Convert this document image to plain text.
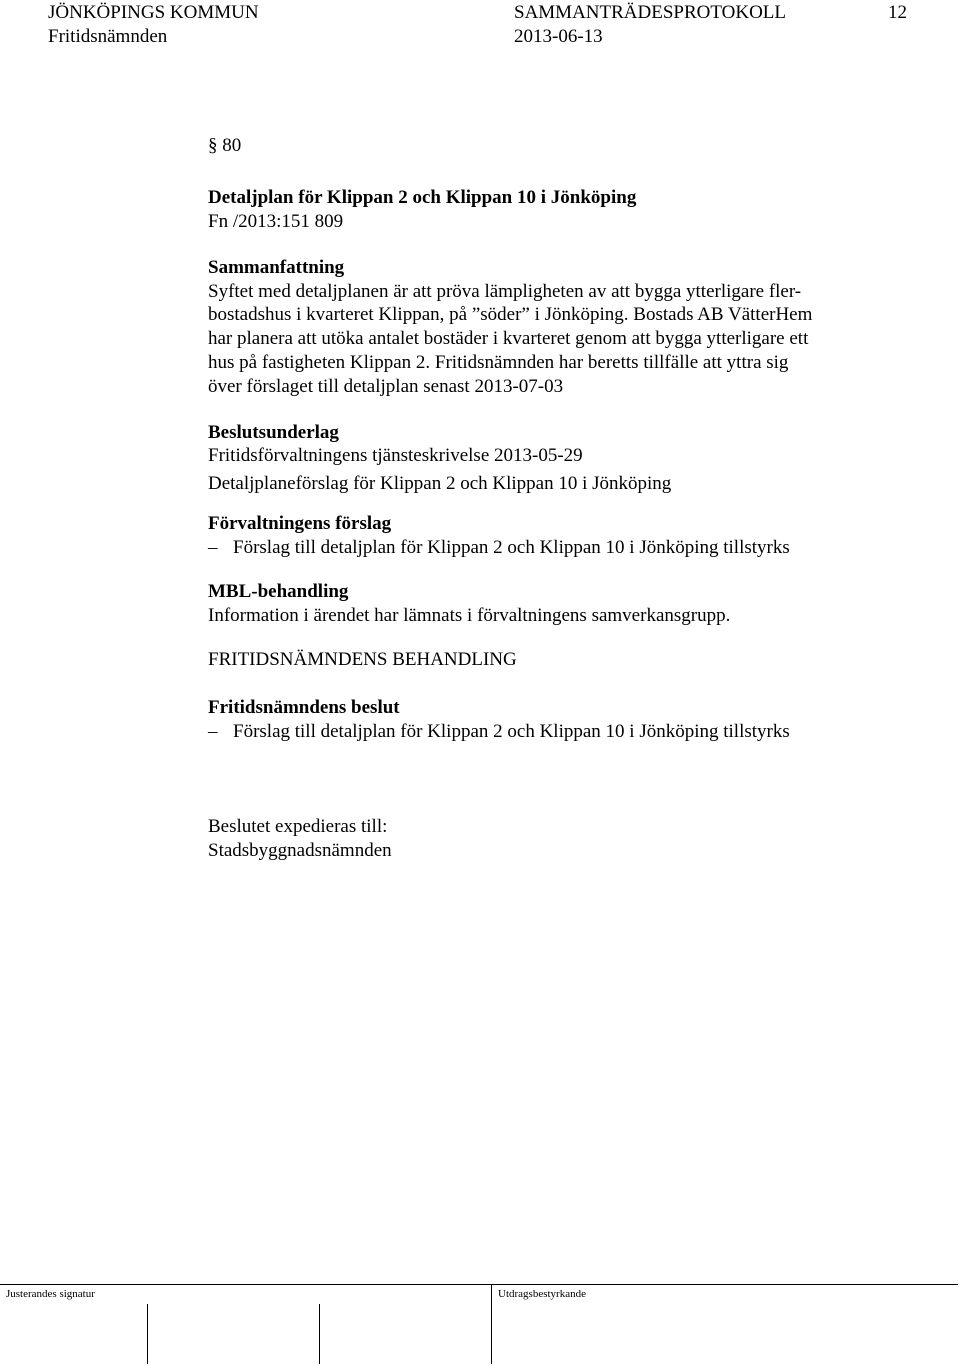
JÖNKÖPINGS KOMMUN
Fritidsnämnden
SAMMANTRÄDESPROTOKOLL
2013-06-13
12
§ 80
Detaljplan för Klippan 2 och Klippan 10 i Jönköping
Fn /2013:151 809
Sammanfattning
Syftet med detaljplanen är att pröva lämpligheten av att bygga ytterligare fler-
bostadshus i kvarteret Klippan, på ”söder” i Jönköping. Bostads AB VätterHem
har planera att utöka antalet bostäder i kvarteret genom att bygga ytterligare ett
hus på fastigheten Klippan 2. Fritidsnämnden har beretts tillfälle att yttra sig
över förslaget till detaljplan senast 2013-07-03
Beslutsunderlag
Fritidsförvaltningens tjänsteskrivelse 2013-05-29
Detaljplaneförslag för Klippan 2 och Klippan 10 i Jönköping
Förvaltningens förslag
– Förslag till detaljplan för Klippan 2 och Klippan 10 i Jönköping tillstyrks
MBL-behandling
Information i ärendet har lämnats i förvaltningens samverkansgrupp.
FRITIDSNÄMNDENS BEHANDLING
Fritidsnämndens beslut
– Förslag till detaljplan för Klippan 2 och Klippan 10 i Jönköping tillstyrks
Beslutet expedieras till:
Stadsbyggnadsnämnden
Justerandes signatur	Utdragsbestyrkande
